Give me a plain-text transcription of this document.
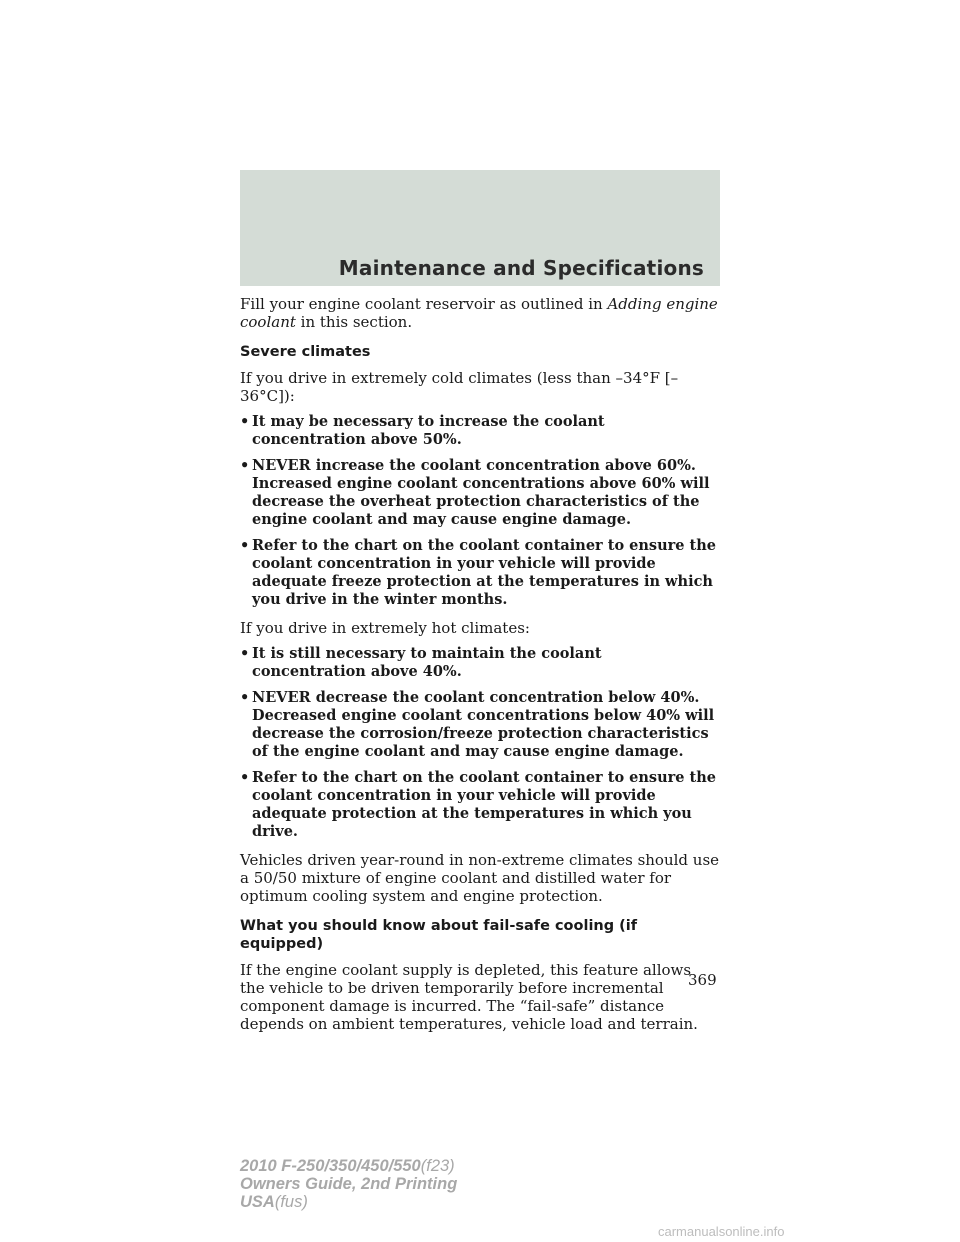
Maintenance and Specifications

Fill your engine coolant reservoir as outlined in Adding engine coolant in this section.

Severe climates

If you drive in extremely cold climates (less than –34°F [–36°C]):

• It may be necessary to increase the coolant concentration above 50%.
• NEVER increase the coolant concentration above 60%. Increased engine coolant concentrations above 60% will decrease the overheat protection characteristics of the engine coolant and may cause engine damage.
• Refer to the chart on the coolant container to ensure the coolant concentration in your vehicle will provide adequate freeze protection at the temperatures in which you drive in the winter months.

If you drive in extremely hot climates:

• It is still necessary to maintain the coolant concentration above 40%.
• NEVER decrease the coolant concentration below 40%. Decreased engine coolant concentrations below 40% will decrease the corrosion/freeze protection characteristics of the engine coolant and may cause engine damage.
• Refer to the chart on the coolant container to ensure the coolant concentration in your vehicle will provide adequate protection at the temperatures in which you drive.

Vehicles driven year-round in non-extreme climates should use a 50/50 mixture of engine coolant and distilled water for optimum cooling system and engine protection.

What you should know about fail-safe cooling (if equipped)

If the engine coolant supply is depleted, this feature allows the vehicle to be driven temporarily before incremental component damage is incurred. The “fail-safe” distance depends on ambient temperatures, vehicle load and terrain.

369
2010 F-250/350/450/550(f23)
Owners Guide, 2nd Printing
USA(fus)
carmanualsonline.info
